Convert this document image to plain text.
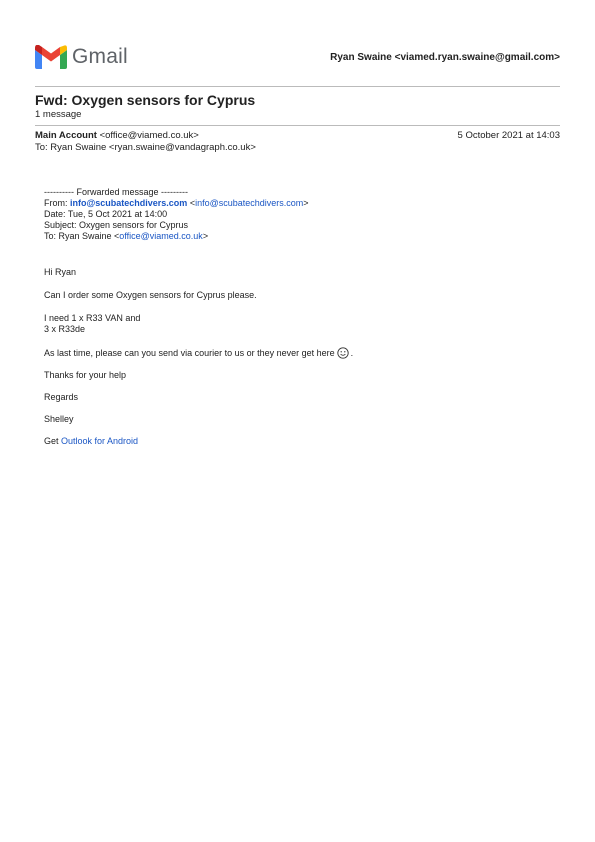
Gmail	Ryan Swaine <viamed.ryan.swaine@gmail.com>
Fwd: Oxygen sensors for Cyprus
1 message
Main Account <office@viamed.co.uk>
To: Ryan Swaine <ryan.swaine@vandagraph.co.uk>
5 October 2021 at 14:03

---------- Forwarded message ---------

From: info@scubatechdivers.com <info@scubatechdivers.com>

Date: Tue, 5 Oct 2021 at 14:00

Subject: Oxygen sensors for Cyprus

To: Ryan Swaine <office@viamed.co.uk>

Hi Ryan

Can I order some Oxygen sensors for Cyprus please.

I need 1 x R33 VAN and

3 x R33de

As last time, please can you send via courier to us or they never get here .

Thanks for your help

Regards

Shelley

Get Outlook for Android
